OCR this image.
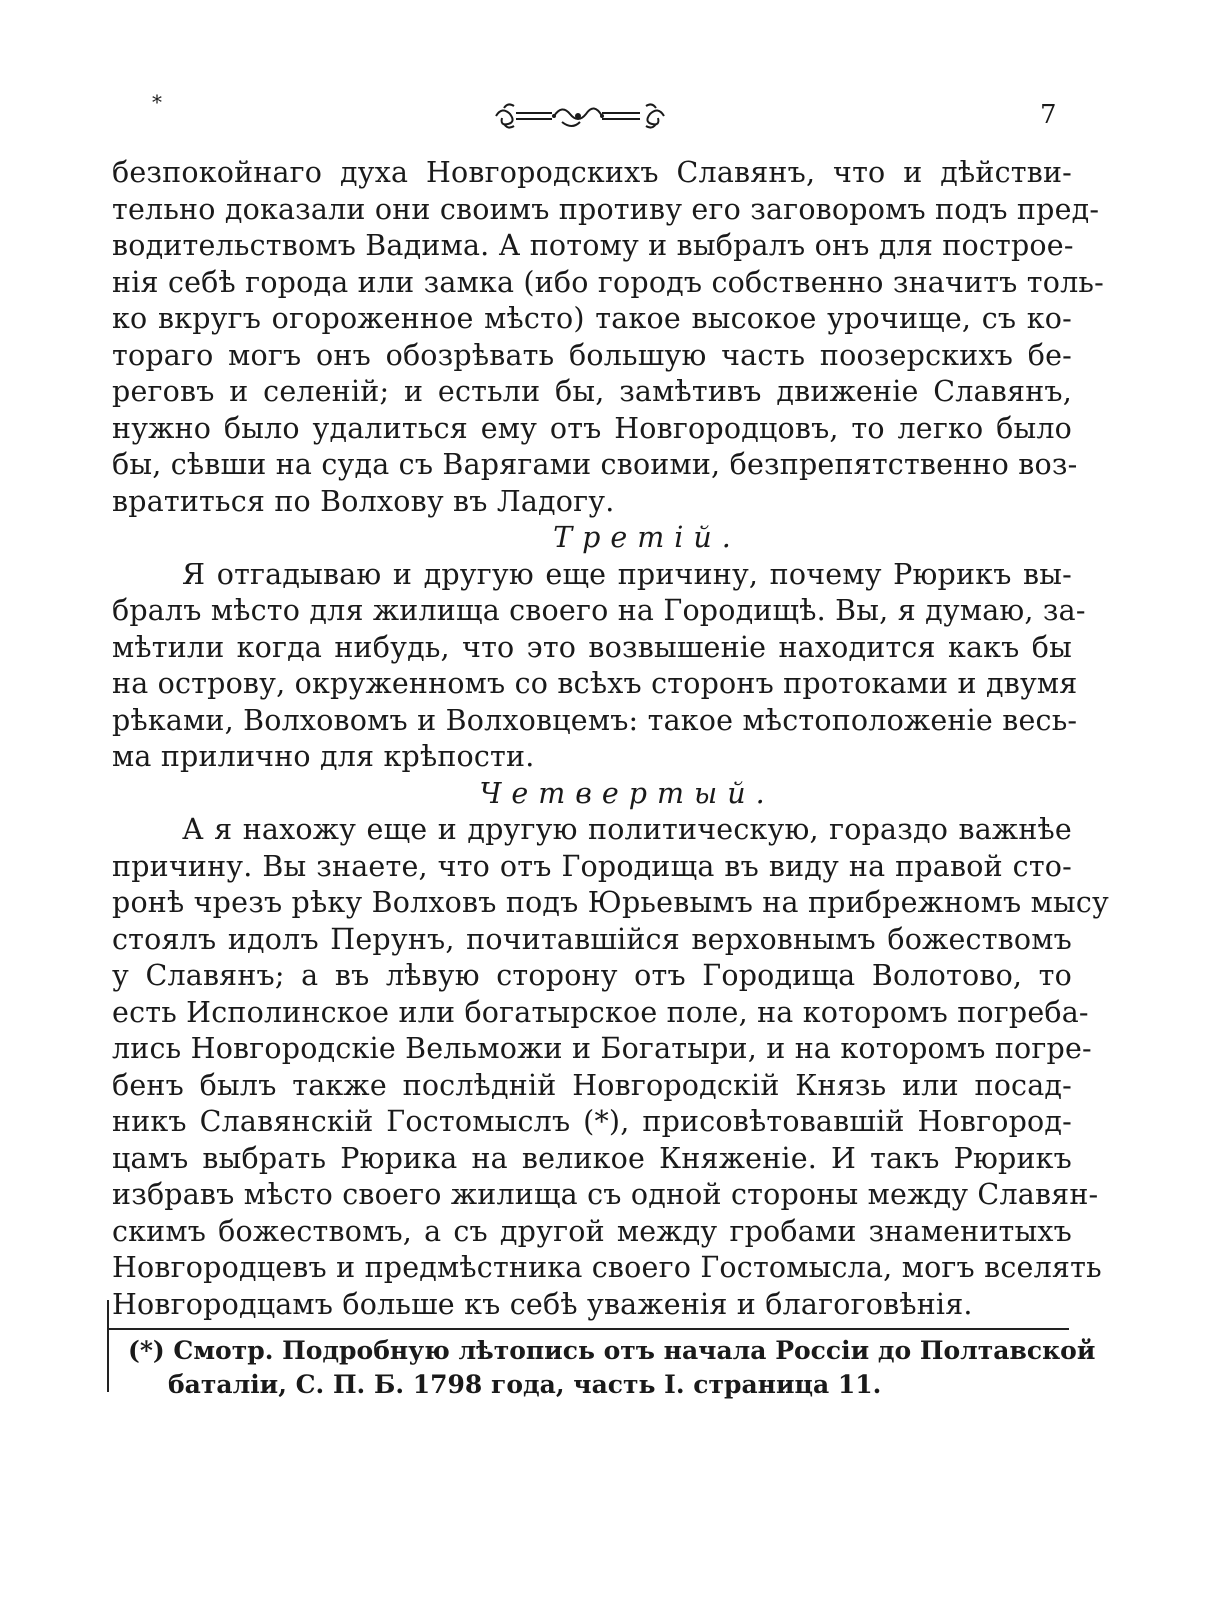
*	7
безпокойнаго духа Новгородскихъ Славянъ, что и дѣйстви-
тельно доказали они своимъ противу его заговоромъ подъ пред-
водительствомъ Вадима. А потому и выбралъ онъ для построе-
нія себѣ города или замка (ибо городъ собственно значитъ толь-
ко вкругъ огороженное мѣсто) такое высокое урочище, съ ко-
тораго могъ онъ обозрѣвать большую часть поозерскихъ бе-
реговъ и селеній; и естьли бы, замѣтивъ движеніе Славянъ,
нужно было удалиться ему отъ Новгородцовъ, то легко было
бы, сѣвши на суда съ Варягами своими, безпрепятственно воз-
вратиться по Волхову въ Ладогу.
Третій.
Я отгадываю и другую еще причину, почему Рюрикъ вы-
бралъ мѣсто для жилища своего на Городищѣ. Вы, я думаю, за-
мѣтили когда нибудь, что это возвышеніе находится какъ бы
на острову, окруженномъ со всѣхъ сторонъ протоками и двумя
рѣками, Волховомъ и Волховцемъ: такое мѣстоположеніе весь-
ма прилично для крѣпости.
Четвертый.
А я нахожу еще и другую политическую, гораздо важнѣе
причину. Вы знаете, что отъ Городища въ виду на правой сто-
ронѣ чрезъ рѣку Волховъ подъ Юрьевымъ на прибрежномъ мысу
стоялъ идолъ Перунъ, почитавшійся верховнымъ божествомъ
у Славянъ; а въ лѣвую сторону отъ Городища Волотово, то
есть Исполинское или богатырское поле, на которомъ погреба-
лись Новгородскіе Вельможи и Богатыри, и на которомъ погре-
бенъ былъ также послѣдній Новгородскій Князь или посад-
никъ Славянскій Гостомыслъ (*), присовѣтовавшій Новгород-
цамъ выбрать Рюрика на великое Княженіе. И такъ Рюрикъ
избравъ мѣсто своего жилища съ одной стороны между Славян-
скимъ божествомъ, а съ другой между гробами знаменитыхъ
Новгородцевъ и предмѣстника своего Гостомысла, могъ вселять
Новгородцамъ больше къ себѣ уваженія и благоговѣнія.
(*) Смотр. Подробную лѣтопись отъ начала Россіи до Полтавской
баталіи, С. П. Б. 1798 года, часть I. страница 11.
